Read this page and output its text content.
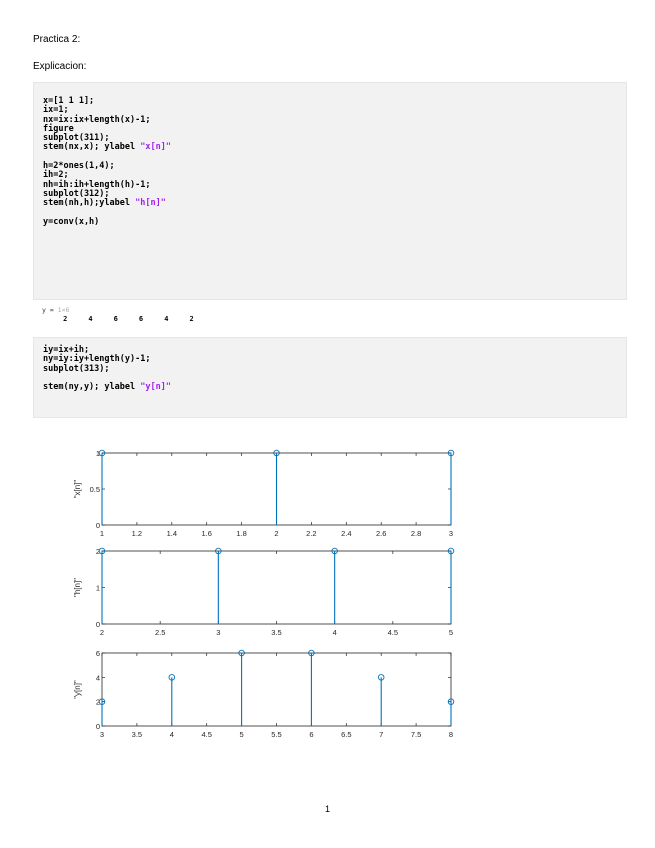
Practica 2:
Explicacion:
x=[1 1 1];
ix=1;
nx=ix:ix+length(x)-1;
figure
subplot(311);
stem(nx,x); ylabel "x[n]"
h=2*ones(1,4);
ih=2;
nh=ih:ih+length(h)-1;
subplot(312);
stem(nh,h);ylabel "h[n]"
y=conv(x,h)
y = 1×6
2     4     6     6     4     2
iy=ix+ih;
ny=iy:iy+length(y)-1;
subplot(313);
stem(ny,y); ylabel "y[n]"
1	1.2	1.4	1.6	1.8	2	2.2	2.4	2.6	2.8	3
0
0.5
1
"x[n]"
2	2.5	3	3.5	4	4.5	5
0
1
2
"h[n]"
3	3.5	4	4.5	5	5.5	6	6.5	7	7.5	8
0
2
4
6
"y[n]"
1
